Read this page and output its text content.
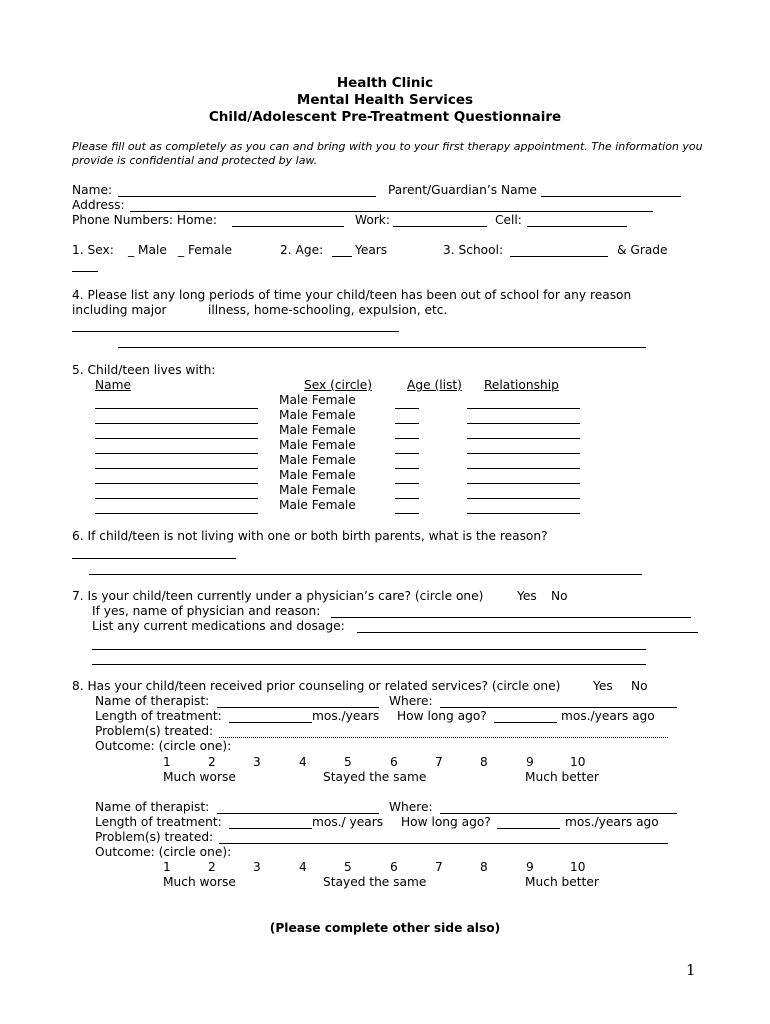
Health Clinic
Mental Health Services
Child/Adolescent Pre-Treatment Questionnaire
Please fill out as completely as you can and bring with you to your first therapy appointment. The information you provide is confidential and protected by law.
Name:	Parent/Guardian’s Name
Address:
Phone Numbers: Home:	Work:	Cell:
1. Sex: _ Male _ Female	2. Age:	Years	3. School:	& Grade
4. Please list any long periods of time your child/teen has been out of school for any reason
including major	illness, home-schooling, expulsion, etc.
5. Child/teen lives with:
Name	Sex (circle)	Age (list) Relationship
Male Female
Male Female
Male Female
Male Female
Male Female
Male Female
Male Female
Male Female
6. If child/teen is not living with one or both birth parents, what is the reason?
7. Is your child/teen currently under a physician’s care? (circle one)	Yes No
If yes, name of physician and reason:
List any current medications and dosage:
8. Has your child/teen received prior counseling or related services? (circle one)	Yes No
Name of therapist:	Where:
Length of treatment:	mos./years How long ago?	mos./years ago
Problem(s) treated:
Outcome: (circle one):
1	2	3	4	5	6	7	8	9	10
Much worse	Stayed the same	Much better
Name of therapist:	Where:
Length of treatment:	mos./ years How long ago?	mos./years ago
Problem(s) treated:
Outcome: (circle one):
1	2	3	4	5	6	7	8	9	10
Much worse	Stayed the same	Much better
(Please complete other side also)
1
